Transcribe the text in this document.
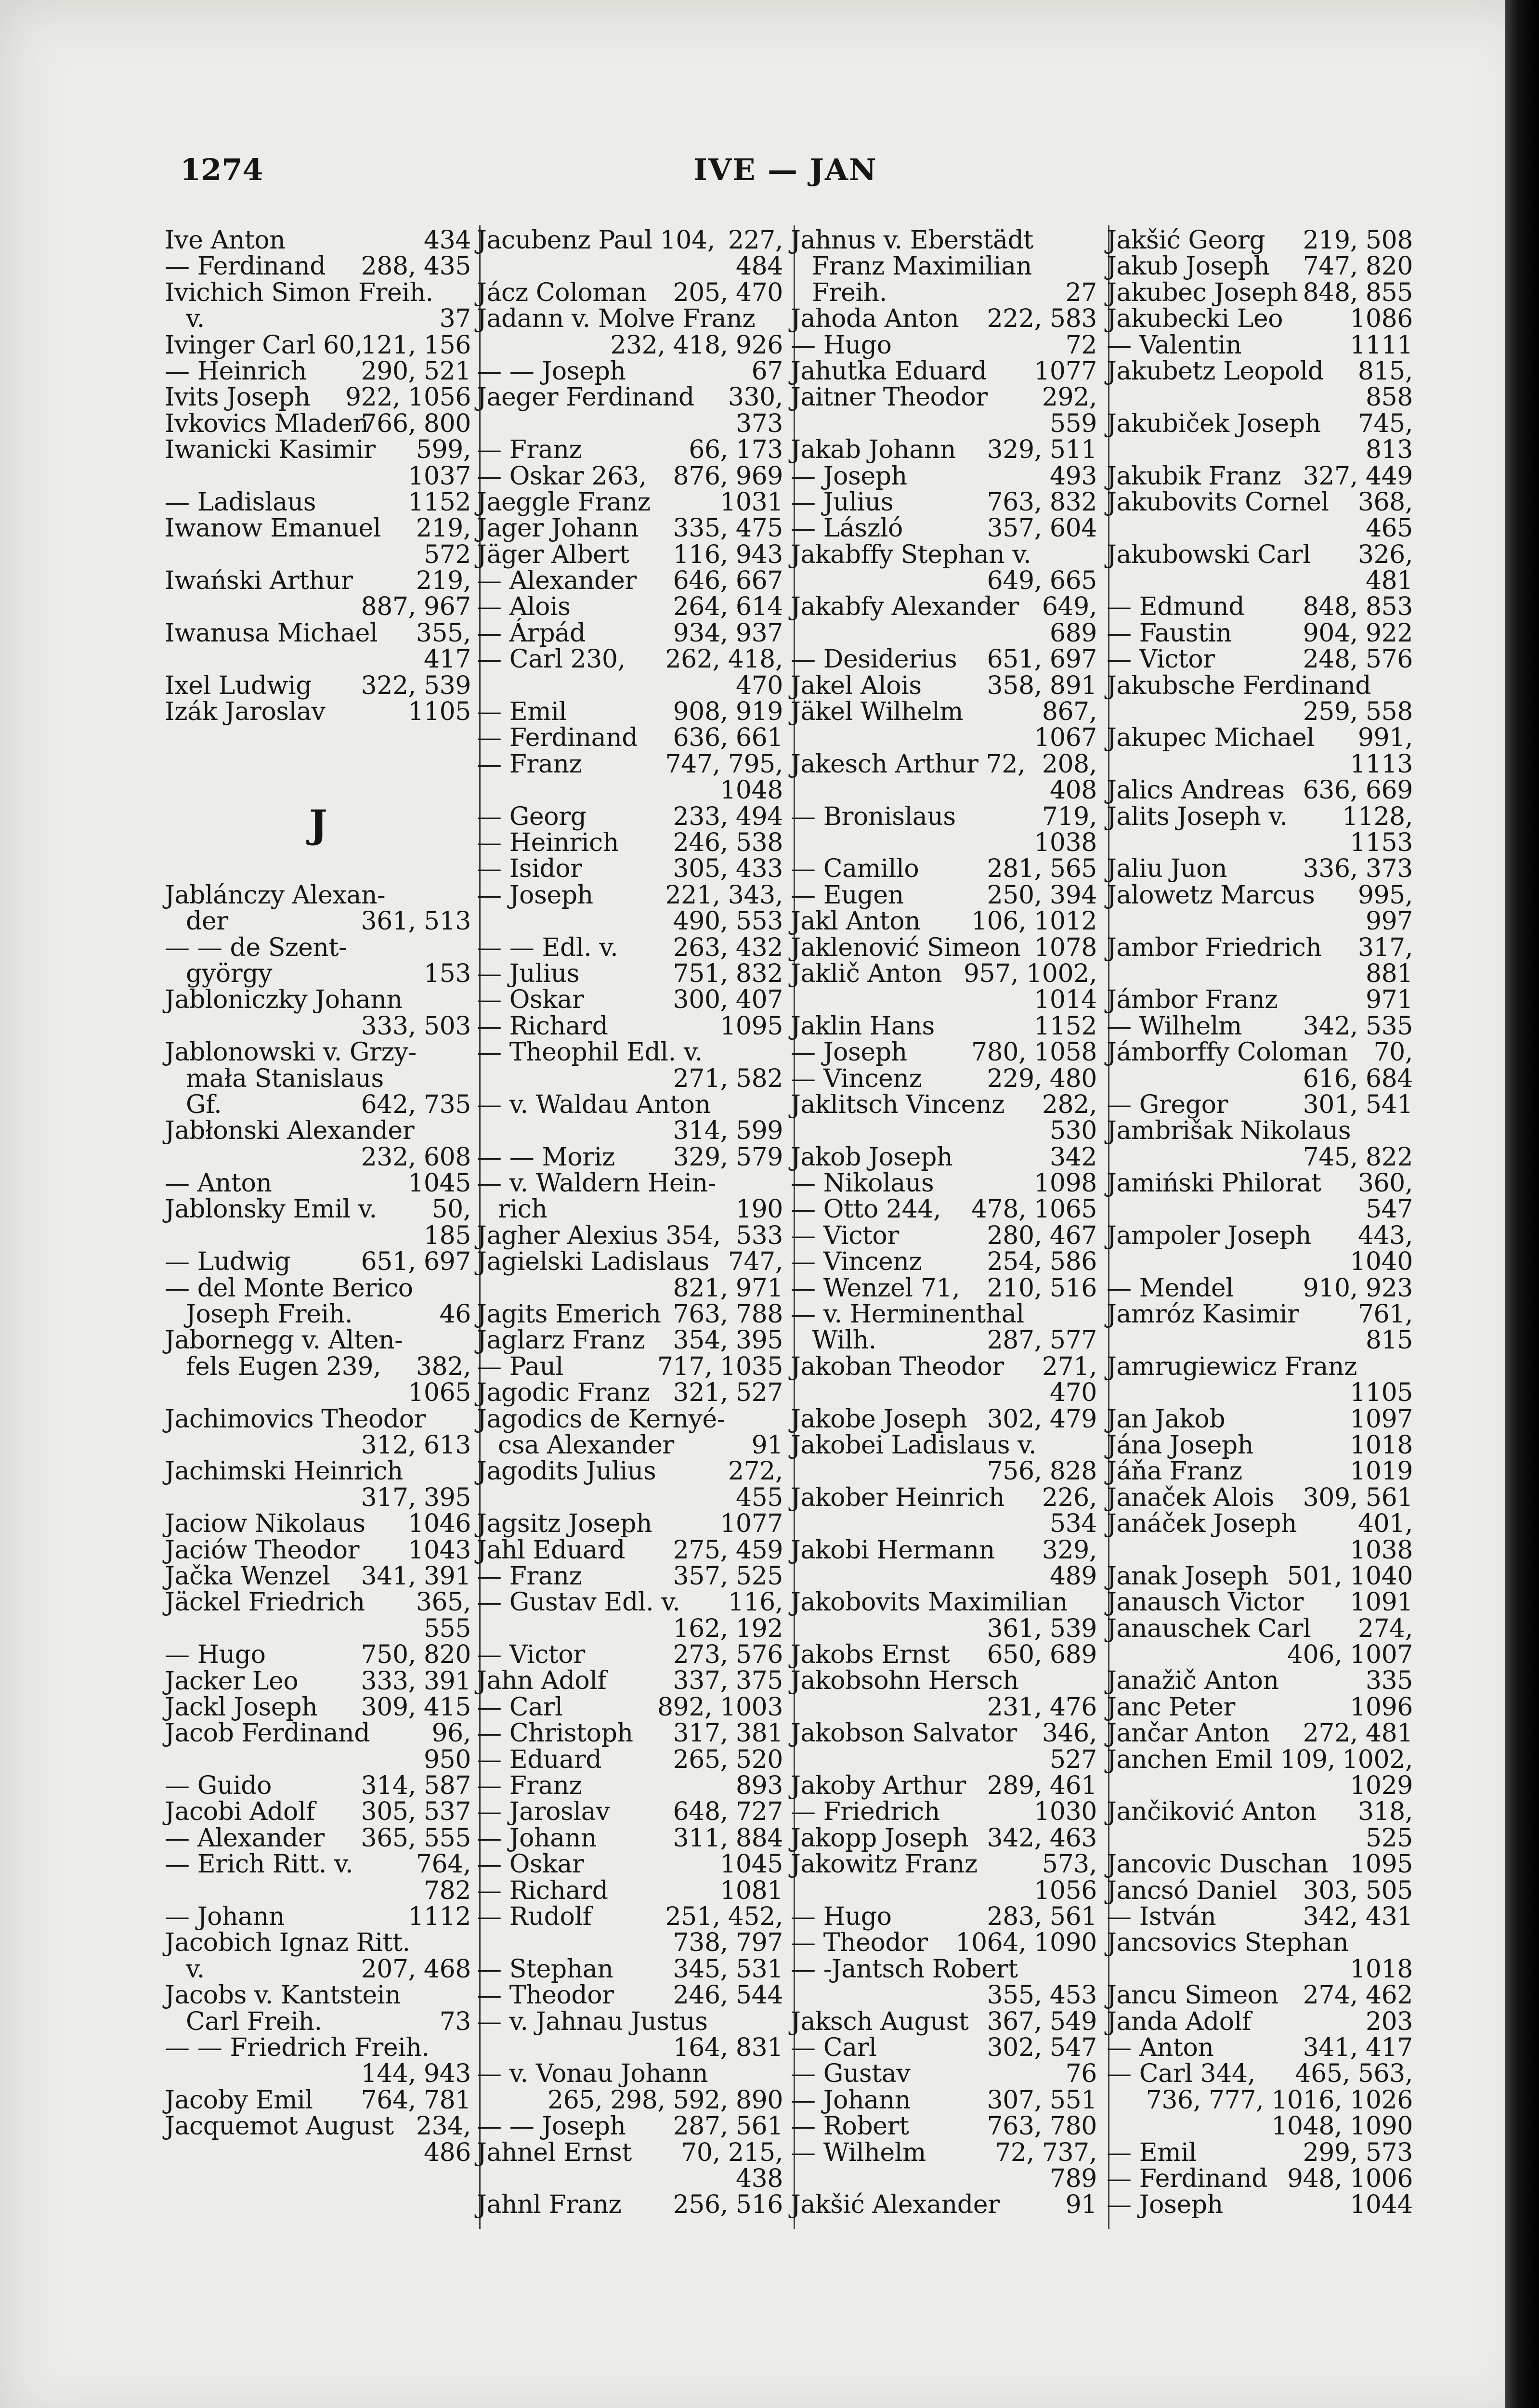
1274	IVE — JAN
Ive Anton	434
— Ferdinand 288, 435
Ivichich Simon Freih.
v.	37
Ivinger Carl 60,
121, 156
— Heinrich 290, 521
Ivits Joseph 922, 1056
Ivkovics Mladen
766, 800
Iwanicki Kasimir 599,
1037
— Ladislaus	1152
Iwanow Emanuel 219,
572
Iwański Arthur	219,
887, 967
Iwanusa Michael 355,
417
Ixel Ludwig 322, 539
Izák Jaroslav	1105
J
Jablánczy Alexan-
der	361, 513
— — de Szent-
györgy	153
Jabloniczky Johann
333, 503
Jablonowski v. Grzy-
mała Stanislaus
Gf.	642, 735
Jabłonski Alexander
232, 608
— Anton	1045
Jablonsky Emil v. 50,
185
— Ludwig	651, 697
— del Monte Berico
Joseph Freih.	46
Jabornegg v. Alten-
fels Eugen 239, 382,
1065
Jachimovics Theodor
312, 613
Jachimski Heinrich
317, 395
Jaciow Nikolaus 1046
Jaciów Theodor 1043
Jačka Wenzel 341, 391
Jäckel Friedrich 365,
555
— Hugo	750, 820
Jacker Leo	333, 391
Jackl Joseph 309, 415
Jacob Ferdinand 96,
950
— Guido	314, 587
Jacobi Adolf 305, 537
— Alexander 365, 555
— Erich Ritt. v.	764,
782
— Johann	1112
Jacobich Ignaz Ritt.
v.	207, 468
Jacobs v. Kantstein
Carl Freih.	73
— — Friedrich Freih.
144, 943
Jacoby Emil 764, 781
Jacquemot August 234,
486
Jacubenz Paul 104, 227,
484
Jácz Coloman 205, 470
Jadann v. Molve Franz
232, 418, 926
— — Joseph	67
Jaeger Ferdinand 330,
373
— Franz	66, 173
— Oskar 263, 876, 969
Jaeggle Franz	1031
Jager Johann 335, 475
Jäger Albert 116, 943
— Alexander 646, 667
— Alois	264, 614
— Árpád	934, 937
— Carl 230, 262, 418,
470
— Emil	908, 919
— Ferdinand 636, 661
— Franz	747, 795,
1048
— Georg	233, 494
— Heinrich 246, 538
— Isidor	305, 433
— Joseph	221, 343,
490, 553
— — Edl. v. 263, 432
— Julius	751, 832
— Oskar	300, 407
— Richard	1095
— Theophil Edl. v.
271, 582
— v. Waldau Anton
314, 599
— — Moriz 329, 579
— v. Waldern Hein-
rich	190
Jagher Alexius 354, 533
Jagielski Ladislaus 747,
821, 971
Jagits Emerich 763, 788
Jaglarz Franz 354, 395
— Paul	717, 1035
Jagodic Franz 321, 527
Jagodics de Kernyé-
csa Alexander	91
Jagodits Julius	272,
455
Jagsitz Joseph	1077
Jahl Eduard 275, 459
— Franz	357, 525
— Gustav Edl. v. 116,
162, 192
— Victor	273, 576
Jahn Adolf	337, 375
— Carl	892, 1003
— Christoph 317, 381
— Eduard	265, 520
— Franz	893
— Jaroslav	648, 727
— Johann	311, 884
— Oskar	1045
— Richard	1081
— Rudolf	251, 452,
738, 797
— Stephan 345, 531
— Theodor 246, 544
— v. Jahnau Justus
164, 831
— v. Vonau Johann
265, 298, 592, 890
— — Joseph 287, 561
Jahnel Ernst 70, 215,
438
Jahnl Franz 256, 516
Jahnus v. Eberstädt
Franz Maximilian
Freih.	27
Jahoda Anton 222, 583
— Hugo	72
Jahutka Eduard 1077
Jaitner Theodor 292,
559
Jakab Johann 329, 511
— Joseph	493
— Julius	763, 832
— László	357, 604
Jakabffy Stephan v.
649, 665
Jakabfy Alexander 649,
689
— Desiderius 651, 697
Jakel Alois	358, 891
Jäkel Wilhelm	867,
1067
Jakesch Arthur 72, 208,
408
— Bronislaus	719,
1038
— Camillo	281, 565
— Eugen	250, 394
Jakl Anton 106, 1012
Jaklenović Simeon 1078
Jaklič Anton 957, 1002,
1014
Jaklin Hans	1152
— Joseph	780, 1058
— Vincenz	229, 480
Jaklitsch Vincenz 282,
530
Jakob Joseph	342
— Nikolaus	1098
— Otto 244, 478, 1065
— Victor	280, 467
— Vincenz	254, 586
— Wenzel 71, 210, 516
— v. Herminenthal
Wilh.	287, 577
Jakoban Theodor 271,
470
Jakobe Joseph 302, 479
Jakobei Ladislaus v.
756, 828
Jakober Heinrich 226,
534
Jakobi Hermann 329,
489
Jakobovits Maximilian
361, 539
Jakobs Ernst 650, 689
Jakobsohn Hersch
231, 476
Jakobson Salvator 346,
527
Jakoby Arthur 289, 461
— Friedrich	1030
Jakopp Joseph 342, 463
Jakowitz Franz	573,
1056
— Hugo	283, 561
— Theodor 1064, 1090
— -Jantsch Robert
355, 453
Jaksch August 367, 549
— Carl	302, 547
— Gustav	76
— Johann	307, 551
— Robert	763, 780
— Wilhelm	72, 737,
789
Jakšić Alexander	91
Jakšić Georg 219, 508
Jakub Joseph 747, 820
Jakubec Joseph 848, 855
Jakubecki Leo	1086
— Valentin	1111
Jakubetz Leopold 815,
858
Jakubiček Joseph 745,
813
Jakubik Franz 327, 449
Jakubovits Cornel 368,
465
Jakubowski Carl 326,
481
— Edmund 848, 853
— Faustin	904, 922
— Victor	248, 576
Jakubsche Ferdinand
259, 558
Jakupec Michael 991,
1113
Jalics Andreas 636, 669
Jalits Joseph v. 1128,
1153
Jaliu Juon	336, 373
Jalowetz Marcus 995,
997
Jambor Friedrich 317,
881
Jámbor Franz	971
— Wilhelm 342, 535
Jámborffy Coloman 70,
616, 684
— Gregor	301, 541
Jambrišak Nikolaus
745, 822
Jamiński Philorat 360,
547
Jampoler Joseph 443,
1040
— Mendel	910, 923
Jamróz Kasimir 761,
815
Jamrugiewicz Franz
1105
Jan Jakob	1097
Jána Joseph	1018
Jáňa Franz	1019
Janaček Alois 309, 561
Janáček Joseph 401,
1038
Janak Joseph 501, 1040
Janausch Victor 1091
Janauschek Carl 274,
406, 1007
Janažič Anton	335
Janc Peter	1096
Jančar Anton 272, 481
Janchen Emil 109, 1002,
1029
Jančiković Anton 318,
525
Jancovic Duschan 1095
Jancsó Daniel 303, 505
— István	342, 431
Jancsovics Stephan
1018
Jancu Simeon 274, 462
Janda Adolf	203
— Anton	341, 417
— Carl 344, 465, 563,
736, 777, 1016, 1026
1048, 1090
— Emil	299, 573
— Ferdinand 948, 1006
— Joseph	1044
